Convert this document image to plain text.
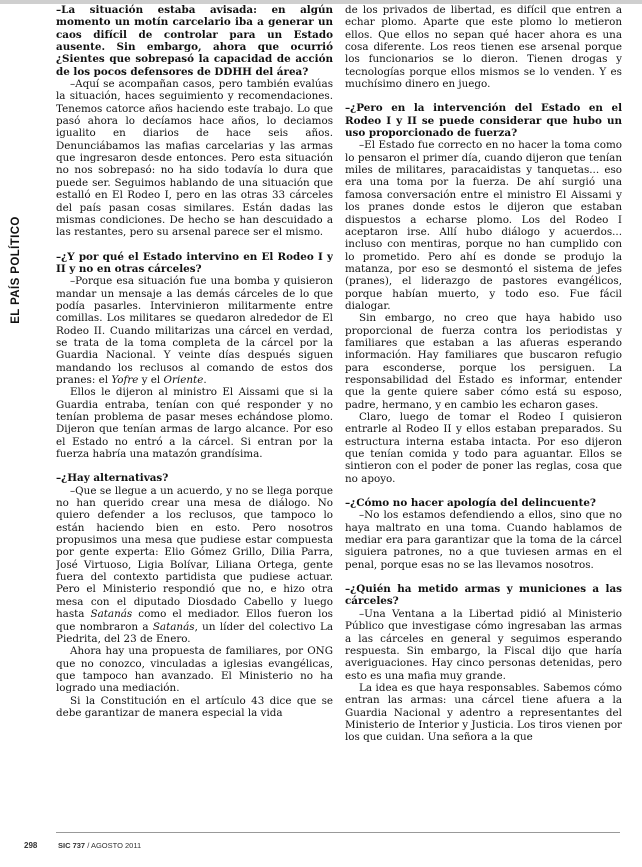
EL PAÍS POLÍTICO

–La situación estaba avisada: en algún momento un motín carcelario iba a generar un caos difícil de controlar para un Estado ausente. Sin embargo, ahora que ocurrió ¿Sientes que sobrepasó la capacidad de acción de los pocos defensores de DDHH del área?

–Aquí se acompañan casos, pero también evalúas la situación, haces seguimiento y recomendaciones. Tenemos catorce años haciendo este trabajo. Lo que pasó ahora lo decíamos hace años, lo deciamos igualito en diarios de hace seis años. Denunciábamos las mafias carcelarias y las armas que ingresaron desde entonces. Pero esta situación no nos sobrepasó: no ha sido todavía lo dura que puede ser. Seguimos hablando de una situación que estalló en El Rodeo I, pero en las otras 33 cárceles del país pasan cosas similares. Están dadas las mismas condiciones. De hecho se han descuidado a las restantes, pero su arsenal parece ser el mismo.

–¿Y por qué el Estado intervino en El Rodeo I y II y no en otras cárceles?

–Porque esa situación fue una bomba y quisieron mandar un mensaje a las demás cárceles de lo que podía pasarles. Intervinieron militarmente entre comillas. Los militares se quedaron alrededor de El Rodeo II. Cuando militarizas una cárcel en verdad, se trata de la toma completa de la cárcel por la Guardia Nacional. Y veinte días después siguen mandando los reclusos al comando de estos dos pranes: el Yofre y el Oriente.

Ellos le dijeron al ministro El Aissami que si la Guardia entraba, tenían con qué responder y no tenían problema de pasar meses echándose plomo. Dijeron que tenían armas de largo alcance. Por eso el Estado no entró a la cárcel. Si entran por la fuerza habría una matazón grandísima.

–¿Hay alternativas?

–Que se llegue a un acuerdo, y no se llega porque no han querido crear una mesa de diálogo. No quiero defender a los reclusos, que tampoco lo están haciendo bien en esto. Pero nosotros propusimos una mesa que pudiese estar compuesta por gente experta: Elio Gómez Grillo, Dilia Parra, José Virtuoso, Ligia Bolívar, Liliana Ortega, gente fuera del contexto partidista que pudiese actuar. Pero el Ministerio respondió que no, e hizo otra mesa con el diputado Diosdado Cabello y luego hasta Satanás como el mediador. Ellos fueron los que nombraron a Satanás, un líder del colectivo La Piedrita, del 23 de Enero.

Ahora hay una propuesta de familiares, por ONG que no conozco, vinculadas a iglesias evangélicas, que tampoco han avanzado. El Ministerio no ha logrado una mediación.

Si la Constitución en el artículo 43 dice que se debe garantizar de manera especial la vida

de los privados de libertad, es difícil que entren a echar plomo. Aparte que este plomo lo metieron ellos. Que ellos no sepan qué hacer ahora es una cosa diferente. Los reos tienen ese arsenal porque los funcionarios se lo dieron. Tienen drogas y tecnologías porque ellos mismos se lo venden. Y es muchísimo dinero en juego.

–¿Pero en la intervención del Estado en el Rodeo I y II se puede considerar que hubo un uso proporcionado de fuerza?

–El Estado fue correcto en no hacer la toma como lo pensaron el primer día, cuando dijeron que tenían miles de militares, paracaidistas y tanquetas... eso era una toma por la fuerza. De ahí surgió una famosa conversación entre el ministro El Aissami y los pranes donde estos le dijeron que estaban dispuestos a echarse plomo. Los del Rodeo I aceptaron irse. Allí hubo diálogo y acuerdos... incluso con mentiras, porque no han cumplido con lo prometido. Pero ahí es donde se produjo la matanza, por eso se desmontó el sistema de jefes (pranes), el liderazgo de pastores evangélicos, porque habían muerto, y todo eso. Fue fácil dialogar.

Sin embargo, no creo que haya habido uso proporcional de fuerza contra los periodistas y familiares que estaban a las afueras esperando información. Hay familiares que buscaron refugio para esconderse, porque los persiguen. La responsabilidad del Estado es informar, entender que la gente quiere saber cómo está su esposo, padre, hermano, y en cambio les echaron gases.

Claro, luego de tomar el Rodeo I quisieron entrarle al Rodeo II y ellos estaban preparados. Su estructura interna estaba intacta. Por eso dijeron que tenían comida y todo para aguantar. Ellos se sintieron con el poder de poner las reglas, cosa que no apoyo.

–¿Cómo no hacer apología del delincuente?

–No los estamos defendiendo a ellos, sino que no haya maltrato en una toma. Cuando hablamos de mediar era para garantizar que la toma de la cárcel siguiera patrones, no a que tuviesen armas en el penal, porque esas no se las llevamos nosotros.

–¿Quién ha metido armas y municiones a las cárceles?

–Una Ventana a la Libertad pidió al Ministerio Público que investigase cómo ingresaban las armas a las cárceles en general y seguimos esperando respuesta. Sin embargo, la Fiscal dijo que haría averiguaciones. Hay cinco personas detenidas, pero esto es una mafia muy grande.

La idea es que haya responsables. Sabemos cómo entran las armas: una cárcel tiene afuera a la Guardia Nacional y adentro a representantes del Ministerio de Interior y Justicia. Los tiros vienen por los que cuidan. Una señora a la que

298	SIC 737 / AGOSTO 2011
